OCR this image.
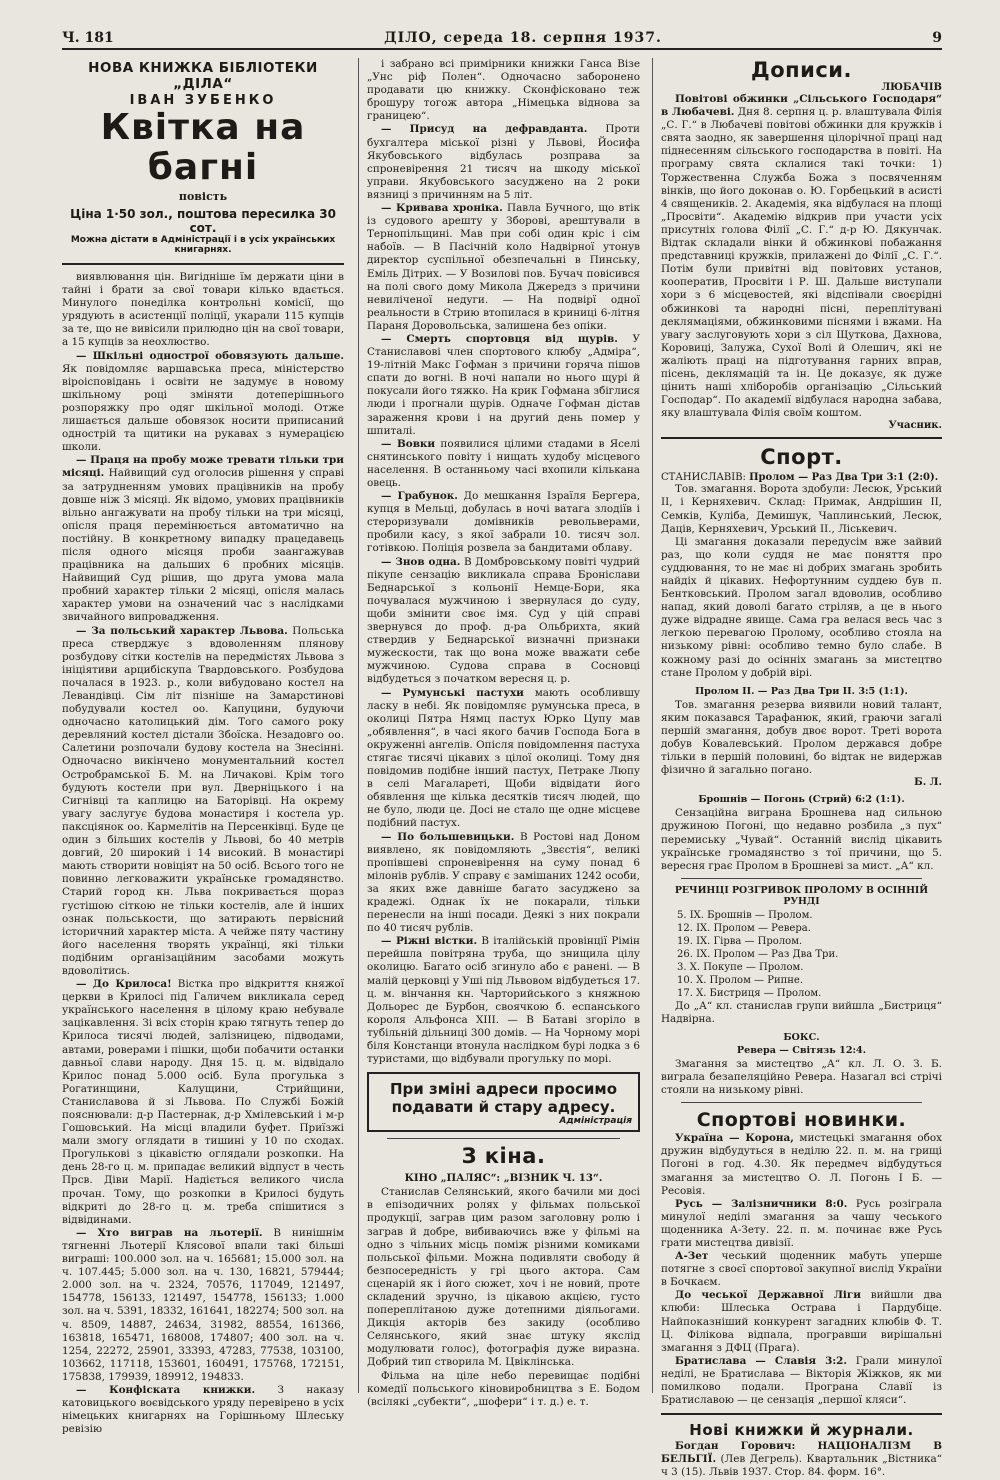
Ч. 181	ДІЛО, середа 18. серпня 1937.	9
НОВА КНИЖКА БІБЛІОТЕКИ „ДІЛА“
ІВАН ЗУБЕНКО
Квітка на багні
повість
Ціна 1·50 зол., поштова пересилка 30 сот.
Можна дістати в Адміністрації і в усіх українських книгарнях.

виявлювання цін. Вигідніше їм держати ціни в тайні і брати за свої товари кількo вдається. Минулого понеділка контрольні комісії, що урядують в асистенції поліції, укарали 115 купців за те, що не вивісили прилюдно цін на свої товари, а 15 купців за неохлюство.

— Шкільні однострої обовязують дальше. Як повідомляє варшавська преса, міністерство віроісповідань і освіти не задумує в новому шкільному році зміняти дотеперішнього розпоряжку про одяг шкільної молоді. Отже лишається дальше обовязок носити приписаний однострій та щитики на рукавах з нумерацією школи.

— Праця на пробу може тревати тільки три місяці. Найвищий суд оголосив рішення у справі за затрудненням умових працівників на пробу довше ніж 3 місяці. Як відомо, умових працівників вільно ангажувати на пробу тільки на три місяці, опісля праця перемінюється автоматично на постійну. В конкретному випадку працедавець після одного місяця проби заангажував працівника на дальших 6 пробних місяців. Найвищий Суд рішив, що друга умова мала пробний характер тільки 2 місяці, опісля малась характер умови на означений час з наслідками звичайного випровадження.

— За польський характер Львова. Польська преса стверджує з вдоволенням плянову розбудову сітки костелів на передмістях Львова з ініціятиви арцибіскупа Твардовського. Розбудова почалася в 1923. р., коли вибудовано костел на Левандівці. Сім літ пізніше на Замарстинові побудували костел оо. Капуцини, будуючи одночасно католицький дім. Того самого року деревляний костел дістали Збоїска. Незадовго оо. Салетини розпочали будову костела на Знесінні. Одночасно викінчено монументальний костел Остробрамської Б. М. на Личакові. Крім того будують костели при вул. Дверніцького і на Сигнівці та каплицю на Баторівці. На окрему увагу заслугує будова монастиря і костела ур. паксціянок оо. Кармелітів на Персенківці. Буде це один з більших костелів у Львові, бо 40 метрів довгий, 20 широкий і 14 високий. В монастирі мають створити новіціят на 50 осіб. Всього того не повинно легковажити українське громадянство. Старий город кн. Льва покривається щораз густішою сіткою не тільки костелів, але й інших ознак польськости, що затирають первісний історичний характер міста. А чейже пяту частину його населення творять українці, які тільки подібним організаційним засобами можуть вдоволітись.

— До Крилоса! Вістка про відкриття княжої церкви в Крилосі під Галичем викликала серед українського населення в цілому краю небувале зацікавлення. Зі всіх сторін краю тягнуть тепер до Крилоса тисячі людей, залізницею, підводами, автами, роверами і пішки, щоби побачити останки давньої слави народу. Дня 15. ц. м. відвідало Крилос понад 5.000 осіб. Була прогулька з Рогатинщини, Калущини, Стрийщини, Станиславова й зі Львова. По Службі Божій пояснювали: д-р Пастернак, д-р Хмілевський і м-р Гошовський. На місці владили буфет. Приїзжі мали змогу оглядати в тишині у 10 по сходах. Прогулькові з цікавістю оглядали розкопки. На день 28-го ц. м. припадає великий відпуст в честь Прсв. Діви Марії. Надіється великого числа прочан. Тому, що розкопки в Крилосі будуть відкриті до 28-го ц. м. треба спішитися з відвідинами.

— Хто виграв на льотерії. В нинішнім тягненні Льотерії Клясової впали такі більші виграші: 100.000 зол. на ч. 165681; 15.000 зол. на ч. 107.445; 5.000 зол. на ч. 130, 16821, 579444; 2.000 зол. на ч. 2324, 70576, 117049, 121497, 154778, 156133, 121497, 154778, 156133; 1.000 зол. на ч. 5391, 18332, 161641, 182274; 500 зол. на ч. 8509, 14887, 24634, 31982, 88554, 161366, 163818, 165471, 168008, 174807; 400 зол. на ч. 1254, 22272, 25901, 33393, 47283, 77538, 103100, 103662, 117118, 153601, 160491, 175768, 172151, 175838, 179939, 189912, 194833.

— Конфіската книжки. З наказу катовицького воєвідського уряду перевірено в усіх німецьких книгарнях на Горішньому Шлеську ревізію

і забрано всі примірники книжки Ганса Візе „Унс ріф Полен“. Одночасно заборонено продавати цю книжку. Сконфісковано теж брошуру тогож автора „Німецька віднова за границею“.

— Присуд на дефравданта. Проти бухгалтера міської різні у Львові, Йосифа Якубовського відбулась розправа за спроневірення 21 тисяч на шкоду міської управи. Якубовського засуджено на 2 роки вязниці з причинням на 5 літ.

— Кривава хроніка. Павла Бучного, що втік із судового арешту у Зборові, арештували в Тернопільщині. Мав при собі один кріс і сім набоїв. — В Пасічній коло Надвірної утонув директор суспільної обезпечальні в Пинську, Еміль Дітрих. — У Возилові пов. Бучач повісився на полі свого дому Микола Джередз з причини невиліченої недуги. — На подвірї одної реальности в Стрию втопилася в криниці 6-літня Параня Доровольська, залишена без опіки.

— Смерть спортовця від щурів. У Станиславові член спортового клюбу „Адміра“, 19-літній Макс Гофман з причини горяча пішов спати до вогні. В ночі напали но нього щурі й покусали його тяжко. На крик Гофмана збіглися люди і прогнали щурів. Одначе Гофман дістав зараження крови і на другий день помер у шпиталі.

— Вовки появилися цілими стадами в Яселі снятинського повіту і нищать худобу місцевого населення. В останньому часі вхопили кількана овець.

— Грабунок. До мешкання Ізраїля Бергера, купця в Мельці, добулась в ночі ватага злодіїв і стероризували домівників револьверами, пробили касу, з якої забрали 10. тисяч зол. готівкою. Поліція розвела за бандитами облаву.

— Знов одна. В Домбровському повіті чудрий пікупе сензацію викликала справа Броніслави Беднарської з кольонії Немце-Бори, яка почувалася мужчиною і звернулася до суду, щоби змінити своє імя. Суд у цій справі звернувся до проф. д-ра Ольбрихта, який ствердив у Беднарської визначні признаки мужескости, так що вона може вважати себе мужчиною. Судова справа в Сосновці відбудеться з початком вересня ц. р.

— Румунські пастухи мають особлившу ласку в небі. Як повідомляє румунська преса, в околиці Пятра Нямц пастух Юрко Цупу мав „обявлення“, в часі якого бачив Господа Бога в окруженні ангелів. Опісля повідомлення пастуха стягає тисячі цікавих з цілої околиці. Тому дня повідомив подібне інший пастух, Петраке Люпу в селі Магалареті, Щоби відвідати його обявлення ще кілька десятків тисяч людей, що не було, люди це. Досі не стало ще одне місцеве подібний пастух.

— По большевицьки. В Ростові над Доном виявлено, як повідомляють „Звєстія“, великі пропівшеві спроневірення на суму понад 6 мілонів рублів. У справу є замішаних 1242 особи, за яких вже давніше багато засуджено за крадежі. Однак їх не покарали, тільки перенесли на інші посади. Деякі з них покрали по 40 тисяч рублів.

— Ріжні вістки. В італійській провінції Рімін перейшла повітряна труба, що знищила цілу околицю. Багато осіб згинуло або є ранені. — В малій церковці у Уші під Львовом відбудеться 17. ц. м. вінчання кн. Чарторийського з княжною Дольорес де Бурбон, своячкою б. еспанського короля Альфонса XIII. — В Батаві згоріло в тубільній дільниці 300 домів. — На Чорному морі біля Констанци втонула наслідком бурі лодка з 6 туристами, що відбували прогульку по морі.

При зміні адреси просимо
подавати й стару адресу.
Адміністрація
З кіна.
КІНО „ПАЛЯС“: „ВІЗНИК Ч. 13“.

Станислав Селянський, якого бачили ми досі в епізодичних ролях у фільмах польської продукції, заграв цим разом заголовну ролю і заграв й добре, вибиваючись вже у фільмі на одно з чільних місць поміж різними комиками польської фільми. Можна подивляти свободу й безпосередність у грі цього актора. Сам сценарій як і його сюжет, хоч і не новий, проте складений зручно, із цікавою акцією, густо попереплітаною дуже дотепними діяльогами. Дикція акторів без закиду (особливо Селянського, який знає штуку якслід модулювати голос), фотографія дуже виразна. Добрий тип створила М. Цвіклінська.

Фільма на ціле небо перевищає подібні комедії польського кіновиробництва з Е. Бодом (всілякі „субекти“, „шофери“ і т. д.) e. т.

Дописи.
ЛЮБАЧІВ

Повітові обжинки „Сільського Господаря“ в Любачеві. Дня 8. серпня ц. р. влаштувала Філія „С. Г.“ в Любачеві повітові обжинки для кружків і свята заодно, як завершення цілорічної праці над піднесенням сільського господарства в повіті. На програму свята склалися такі точки: 1) Торжественна Служба Божа з посвяченням вінків, що його доконав о. Ю. Горбецький в асисті 4 священиків. 2. Академія, яка відбулася на площі „Просвіти“. Академію відкрив при участи усіх присутніх голова Філії „С. Г.“ д-р Ю. Дякунчак. Відтак складали вінки й обжинкові побажання представниці кружків, прилажені до Філії „С. Г.“. Потім були привітні від повітових установ, кооператив, Просвіти і Р. Ш. Дальше виступали хори з 6 місцевостей, які відспівали своєрідні обжинкові та народні пісні, переплітувані деклямаціями, обжинковими піснями і вжами. На увагу заслуговують хори з сіл Щуткова, Дахнова, Коровиці, Залужа, Сухої Волі й Олешич, які не жаліють праці на підготування гарних вправ, пісень, деклямацій та ін. Це доказує, як дуже цінить наші хліборобів організацію „Сільський Господар“. По академії відбулася народна забава, яку влаштувала Філія своїм коштом.

Учасник.
Спорт.
СТАНИСЛАВІВ: Пролом — Раз Два Три 3:1 (2:0).

Тов. змагання. Ворота здобули: Лесюк, Урський II, і Керняхевич. Склад: Примак, Андрішин II, Семків, Куліба, Демишук, Чаплинський, Лесюк, Даців, Керняхевич, Урський II., Ліськевич.

Ці змагання доказали передусім вже зайвий раз, що коли суддя не має поняття про суддювання, то не має ні добрих змагань зробить найдіх й цікавих. Нефортунним суддею був п. Бентковський. Пролом загал вдоволив, особливо напад, який доволі багато стріляв, а це в нього дуже відрадне явище. Сама гра велася весь час з легкою перевагою Пролому, особливо стояла на низькому рівні: особливо темно було слабе. В кожному разі до осінніх змагань за мистецтво стане Пролом у добрій вірі.

Пролом II. — Раз Два Три II. 3:5 (1:1).

Тов. змагання резерва виявили новий талант, яким показався Тарафанюк, який, граючи загалі першій змагання, добув двоє ворот. Треті ворота добув Ковалевський. Пролом держався добре тільки в першій половині, бо відтак не видержав фізично й загально погано.

Б. Л.
Брошнів — Погонь (Стрий) 6:2 (1:1).

Сензаційна виграна Брошнева над сильною дружиною Погоні, що недавно розбила „з пух“ перемиську „Чувай“. Останній вислід цікавить українське громадянство з тої причини, що 5. вересня грає Пролом в Брошневі за мист. „А“ кл.

РЕЧИНЦІ РОЗГРИВОК ПРОЛОМУ В ОСІННІЙ РУНДІ
5. IX. Брошнів — Пролом.
12. IX. Пролом — Ревера.
19. IX. Гірва — Пролом.
26. IX. Пролом — Раз Два Три.
3. X. Покупе — Пролом.
10. X. Пролом — Рипне.
17. X. Бистриця — Пролом.

До „А“ кл. станислав групи вийшла „Бистриця“ Надвірна.

БОКС.
Ревера — Світязь 12:4.

Змагання за мистецтво „А“ кл. Л. О. З. Б. виграла безапеляційно Ревера. Назагал всі стрічі стояли на низькому рівні.

Спортові новинки.

Україна — Корона, мистецькі змагання обох дружин відбудуться в неділю 22. п. м. на грищі Погоні в год. 4.30. Як передмеч відбудуться змагання за мистецтво О. Л. Погонь I Б. — Ресовія.

Русь — Залізничники 8:0. Русь розіграла минулої неділі змагання за чашу чеського щоденника А-Зету. 22. п. м. починає вже Русь грати мистецтва дивізії.

А-Зет чеський щоденник мабуть уперше потягне з своєї спортової закупної вислід України в Бочкаєм.

До чеської Державної Ліги вийшли два клюби: Шлеська Острава і Пардубіце. Найпоказніший конкурент загадних клюбів Ф. Т. Ц. Філікова відпала, програвши вирішальні змагання з ДФЦ (Прага).

Братислава — Славія 3:2. Грали минулої неділі, не Братислава — Вікторія Жіжков, як ми помилково подали. Програна Славії із Братиславою — це сензація „першої кляси“.

Нові книжки й журнали.

Богдан Горович: НАЦІОНАЛІЗМ В БЕЛЬГІЇ. (Лев Дегрель). Квартальник „Вістника“ ч 3 (15). Львів 1937. Стор. 84. форм. 16°.
